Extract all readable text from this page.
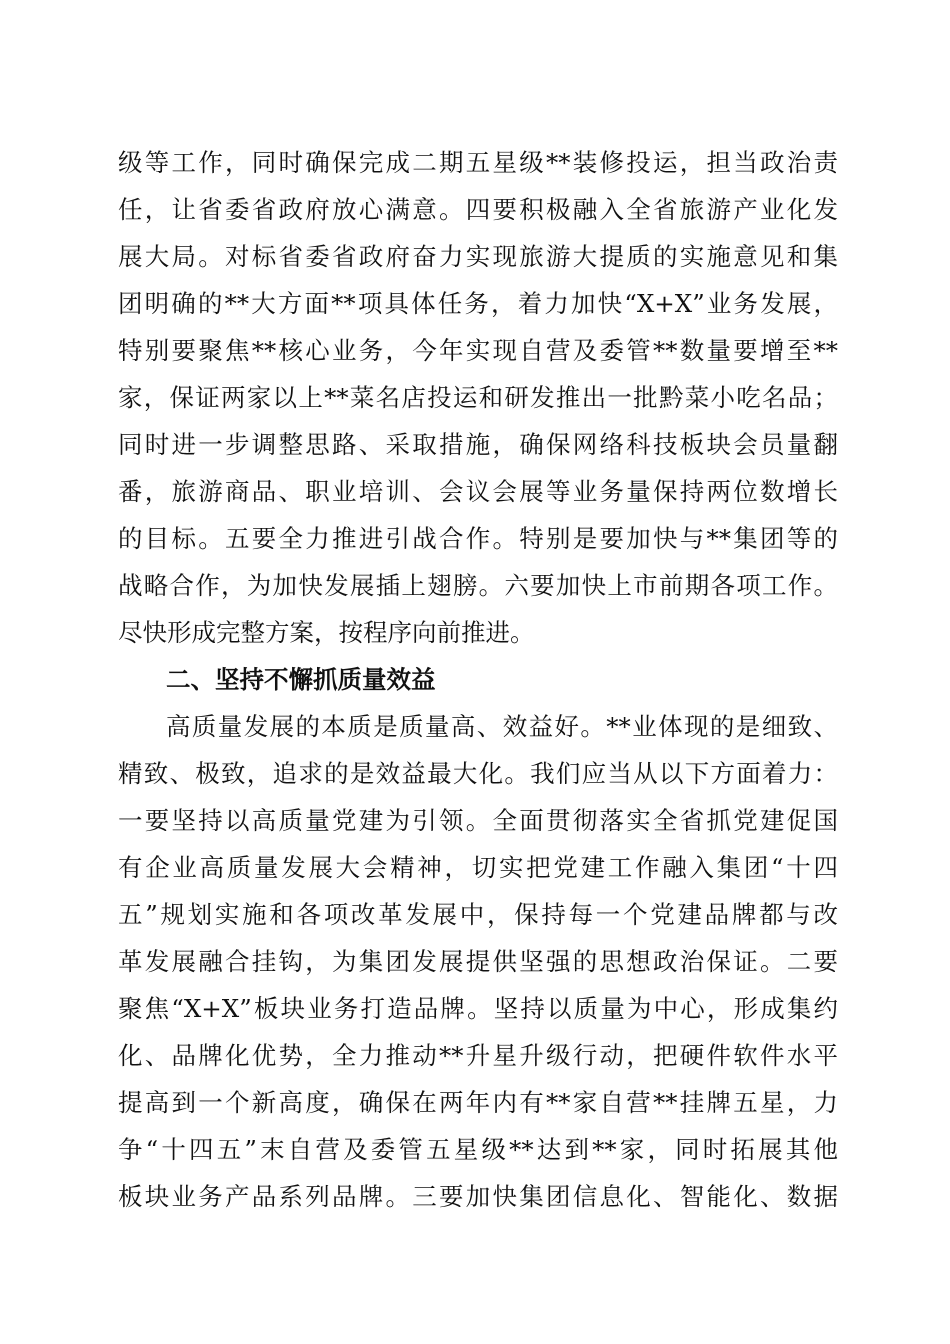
级等工作，同时确保完成二期五星级**装修投运，担当政治责
任，让省委省政府放心满意。四要积极融入全省旅游产业化发
展大局。对标省委省政府奋力实现旅游大提质的实施意见和集
团明确的**大方面**项具体任务，着力加快“X+X”业务发展，
特别要聚焦**核心业务，今年实现自营及委管**数量要增至**
家，保证两家以上**菜名店投运和研发推出一批黔菜小吃名品；
同时进一步调整思路、采取措施，确保网络科技板块会员量翻
番，旅游商品、职业培训、会议会展等业务量保持两位数增长
的目标。五要全力推进引战合作。特别是要加快与**集团等的
战略合作，为加快发展插上翅膀。六要加快上市前期各项工作。
尽快形成完整方案，按程序向前推进。
二、坚持不懈抓质量效益
高质量发展的本质是质量高、效益好。**业体现的是细致、
精致、极致，追求的是效益最大化。我们应当从以下方面着力：
一要坚持以高质量党建为引领。全面贯彻落实全省抓党建促国
有企业高质量发展大会精神，切实把党建工作融入集团“十四
五”规划实施和各项改革发展中，保持每一个党建品牌都与改
革发展融合挂钩，为集团发展提供坚强的思想政治保证。二要
聚焦“X+X”板块业务打造品牌。坚持以质量为中心，形成集约
化、品牌化优势，全力推动**升星升级行动，把硬件软件水平
提高到一个新高度，确保在两年内有**家自营**挂牌五星，力
争“十四五”末自营及委管五星级**达到**家，同时拓展其他
板块业务产品系列品牌。三要加快集团信息化、智能化、数据
